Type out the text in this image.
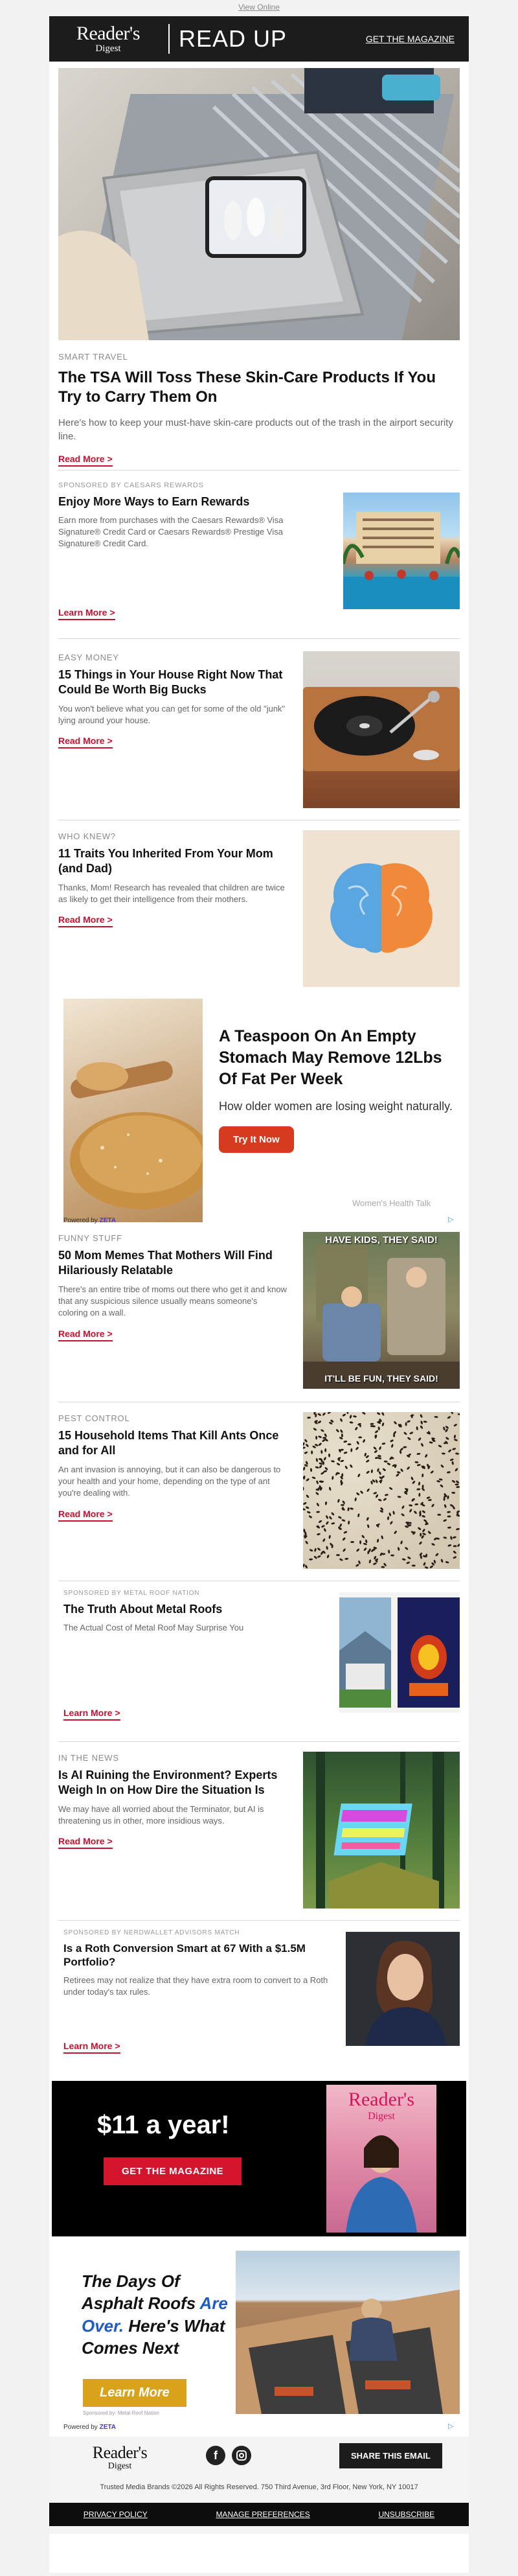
View Online
Reader's
Digest	READ UP	GET THE MAGAZINE
SMART TRAVEL
The TSA Will Toss These Skin-Care Products If You Try to Carry Them On
Here's how to keep your must-have skin-care products out of the trash in the airport security line.
Read More >
SPONSORED BY CAESARS REWARDS
Enjoy More Ways to Earn Rewards
Earn more from purchases with the Caesars Rewards® Visa Signature® Credit Card or Caesars Rewards® Prestige Visa Signature® Credit Card.
Learn More >
EASY MONEY
15 Things in Your House Right Now That Could Be Worth Big Bucks
You won't believe what you can get for some of the old "junk" lying around your house.
Read More >
WHO KNEW?
11 Traits You Inherited From Your Mom (and Dad)
Thanks, Mom! Research has revealed that children are twice as likely to get their intelligence from their mothers.
Read More >
A Teaspoon On An Empty Stomach May Remove 12Lbs Of Fat Per Week
How older women are losing weight naturally.
Try It Now
Women's Health Talk
Powered by ZETA	▷
FUNNY STUFF
50 Mom Memes That Mothers Will Find Hilariously Relatable
There's an entire tribe of moms out there who get it and know that any suspicious silence usually means someone's coloring on a wall.
Read More >
HAVE KIDS, THEY SAID!
IT'LL BE FUN, THEY SAID!
PEST CONTROL
15 Household Items That Kill Ants Once and for All
An ant invasion is annoying, but it can also be dangerous to your health and your home, depending on the type of ant you're dealing with.
Read More >
SPONSORED BY METAL ROOF NATION
The Truth About Metal Roofs
The Actual Cost of Metal Roof May Surprise You
Learn More >
IN THE NEWS
Is AI Ruining the Environment? Experts Weigh In on How Dire the Situation Is
We may have all worried about the Terminator, but AI is threatening us in other, more insidious ways.
Read More >
SPONSORED BY NERDWALLET ADVISORS MATCH
Is a Roth Conversion Smart at 67 With a $1.5M Portfolio?
Retirees may not realize that they have extra room to convert to a Roth under today's tax rules.
Learn More >
$11 a year!
GET THE MAGAZINE
Reader's
Digest
The Days Of
Asphalt Roofs Are
Over. Here's What
Comes Next
Learn More
Sponsored by: Metal Roof Nation
Powered by ZETA	▷
Reader's
Digest
f	SHARE THIS EMAIL
Trusted Media Brands ©2026 All Rights Reserved. 750 Third Avenue, 3rd Floor, New York, NY 10017
PRIVACY POLICY	MANAGE PREFERENCES	UNSUBSCRIBE
